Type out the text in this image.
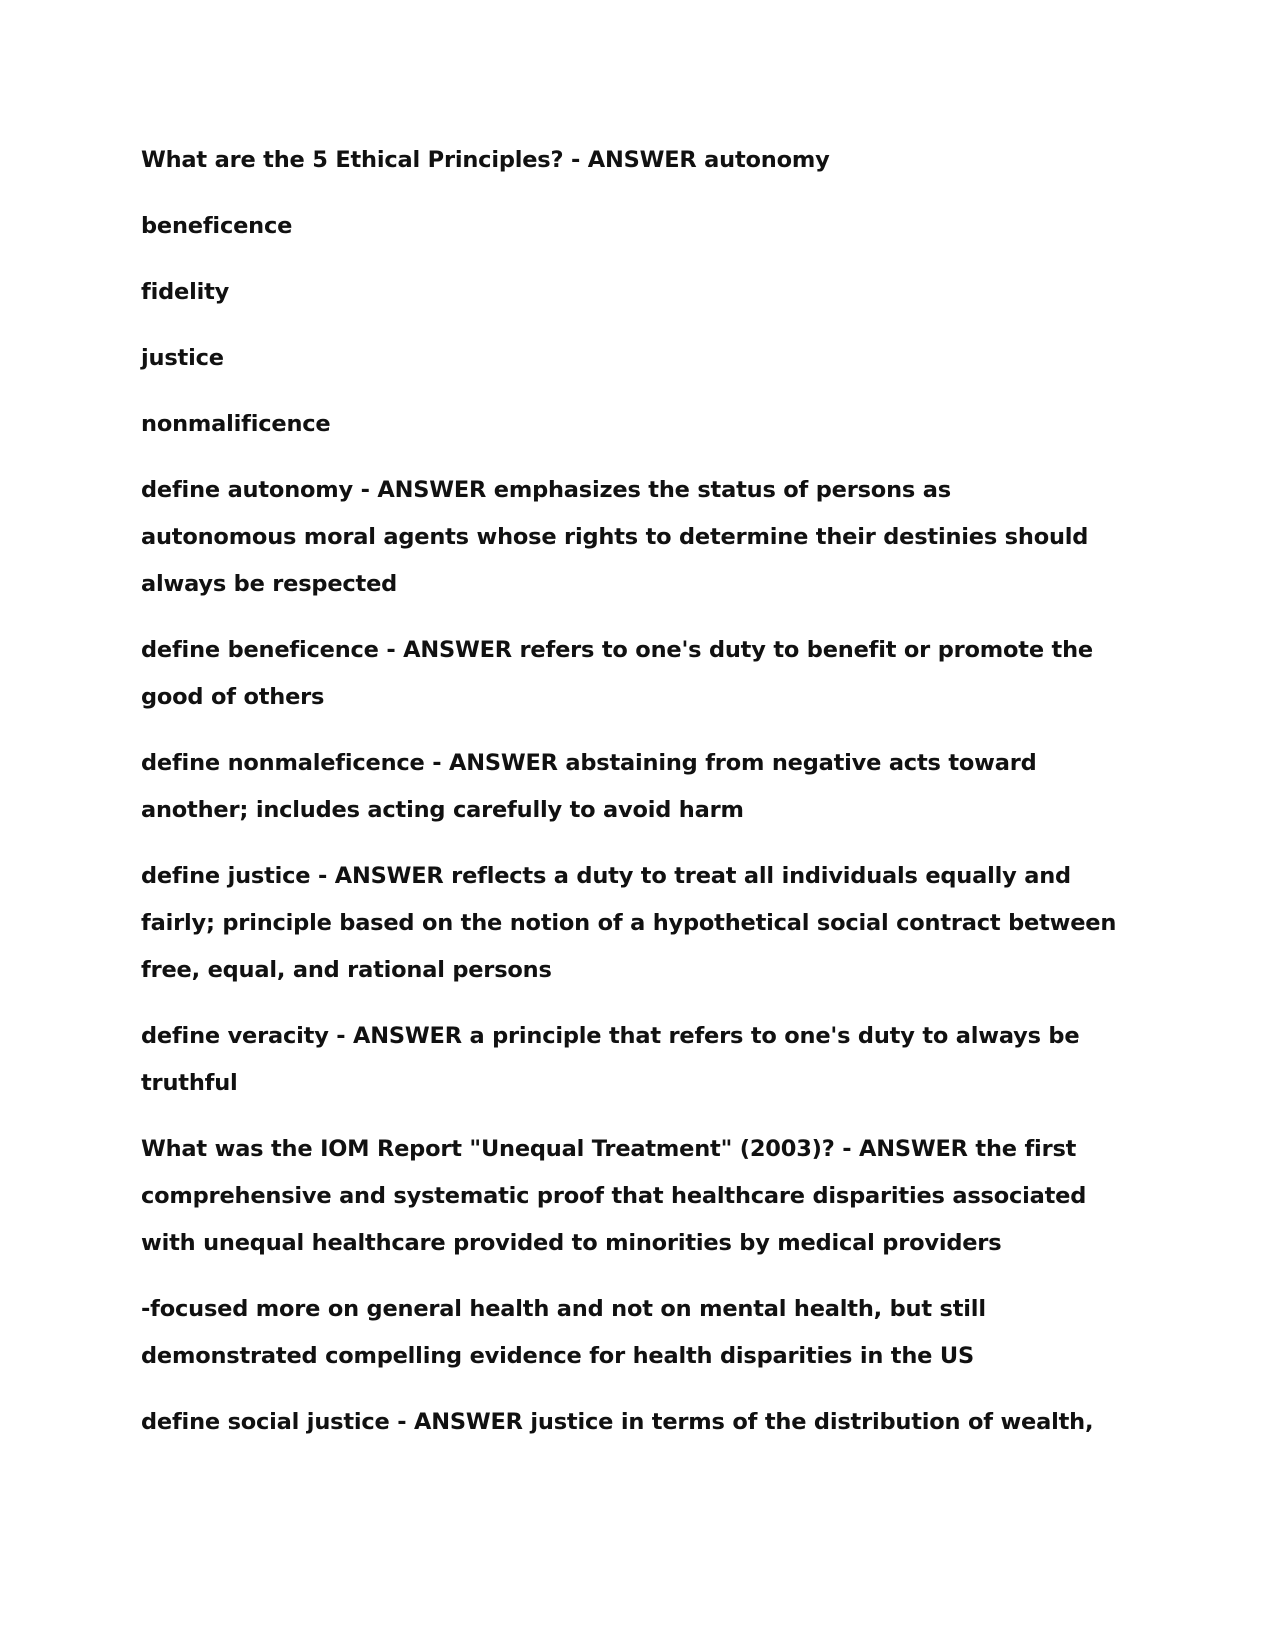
What are the 5 Ethical Principles? - ANSWER autonomy
beneficence
fidelity
justice
nonmalificence
define autonomy - ANSWER emphasizes the status of persons as
autonomous moral agents whose rights to determine their destinies should
always be respected
define beneficence - ANSWER refers to one's duty to benefit or promote the
good of others
define nonmaleficence - ANSWER abstaining from negative acts toward
another; includes acting carefully to avoid harm
define justice - ANSWER reflects a duty to treat all individuals equally and
fairly; principle based on the notion of a hypothetical social contract between
free, equal, and rational persons
define veracity - ANSWER a principle that refers to one's duty to always be
truthful
What was the IOM Report "Unequal Treatment" (2003)? - ANSWER the first
comprehensive and systematic proof that healthcare disparities associated
with unequal healthcare provided to minorities by medical providers
-focused more on general health and not on mental health, but still
demonstrated compelling evidence for health disparities in the US
define social justice - ANSWER justice in terms of the distribution of wealth,
